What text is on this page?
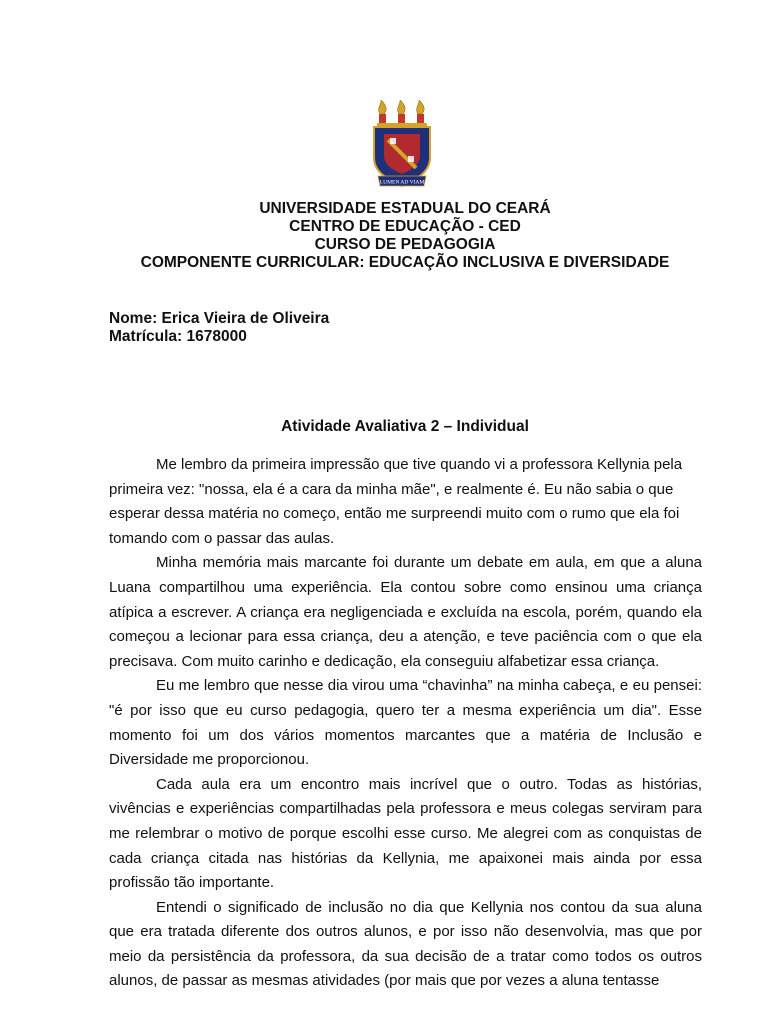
LUMEN AD VIAM
UNIVERSIDADE ESTADUAL DO CEARÁ
CENTRO DE EDUCAÇÃO - CED
CURSO DE PEDAGOGIA
COMPONENTE CURRICULAR: EDUCAÇÃO INCLUSIVA E DIVERSIDADE
Nome: Erica Vieira de Oliveira
Matrícula: 1678000
Atividade Avaliativa 2 – Individual

Me lembro da primeira impressão que tive quando vi a professora Kellynia pela primeira vez: "nossa, ela é a cara da minha mãe", e realmente é. Eu não sabia o que esperar dessa matéria no começo, então me surpreendi muito com o rumo que ela foi tomando com o passar das aulas.

Minha memória mais marcante foi durante um debate em aula, em que a aluna Luana compartilhou uma experiência. Ela contou sobre como ensinou uma criança atípica a escrever. A criança era negligenciada e excluída na escola, porém, quando ela começou a lecionar para essa criança, deu a atenção, e teve paciência com o que ela precisava. Com muito carinho e dedicação, ela conseguiu alfabetizar essa criança.

Eu me lembro que nesse dia virou uma “chavinha” na minha cabeça, e eu pensei: "é por isso que eu curso pedagogia, quero ter a mesma experiência um dia". Esse momento foi um dos vários momentos marcantes que a matéria de Inclusão e Diversidade me proporcionou.

Cada aula era um encontro mais incrível que o outro. Todas as histórias, vivências e experiências compartilhadas pela professora e meus colegas serviram para me relembrar o motivo de porque escolhi esse curso. Me alegrei com as conquistas de cada criança citada nas histórias da Kellynia, me apaixonei mais ainda por essa profissão tão importante.

Entendi o significado de inclusão no dia que Kellynia nos contou da sua aluna que era tratada diferente dos outros alunos, e por isso não desenvolvia, mas que por meio da persistência da professora, da sua decisão de a tratar como todos os outros alunos, de passar as mesmas atividades (por mais que por vezes a aluna tentasse
